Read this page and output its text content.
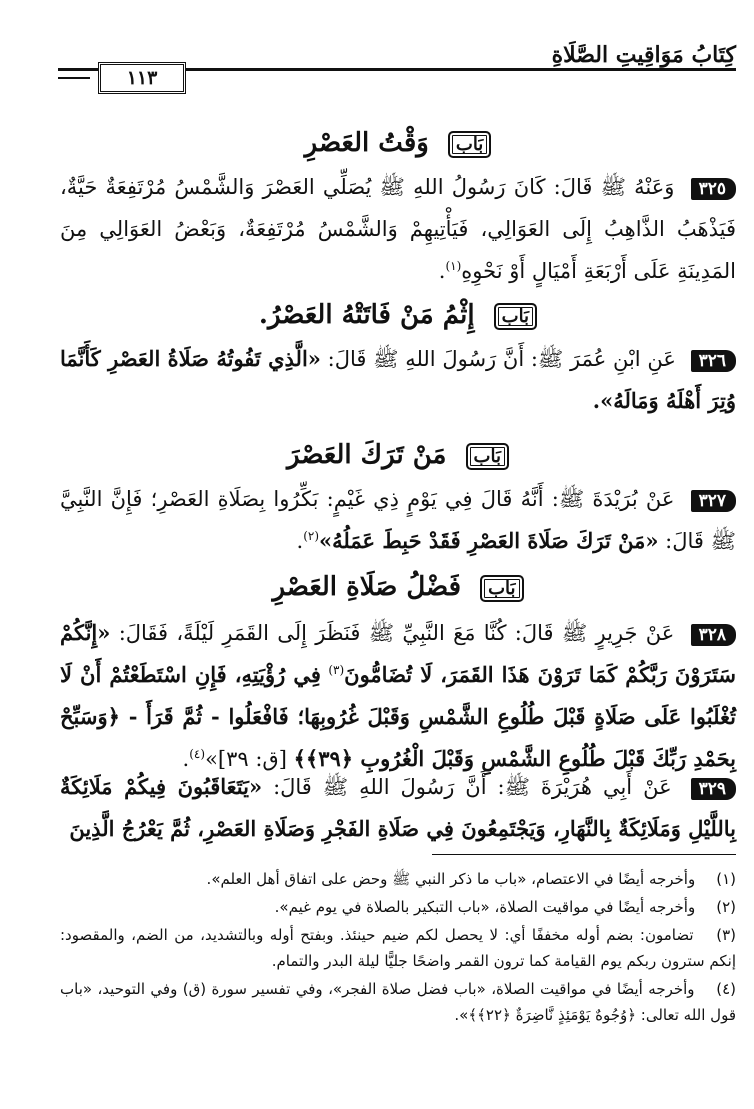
كِتَابُ مَوَاقِيتِ الصَّلَاةِ
١١٣
بَاب وَقْتُ العَصْرِ
٣٢٥ وَعَنْهُ ﷺ قَالَ: كَانَ رَسُولُ اللهِ ﷺ يُصَلِّي العَصْرَ وَالشَّمْسُ مُرْتَفِعَةٌ حَيَّةٌ، فَيَذْهَبُ الذَّاهِبُ إِلَى العَوَالِي، فَيَأْتِيهِمْ وَالشَّمْسُ مُرْتَفِعَةٌ، وَبَعْضُ العَوَالِي مِنَ المَدِينَةِ عَلَى أَرْبَعَةِ أَمْيَالٍ أَوْ نَحْوِهِ$^{(١)}$.
بَاب إِثْمُ مَنْ فَاتَتْهُ العَصْرُ.
٣٢٦ عَنِ ابْنِ عُمَرَ ﷺ: أَنَّ رَسُولَ اللهِ ﷺ قَالَ: «الَّذِي تَفُوتُهُ صَلَاةُ العَصْرِ كَأَنَّمَا وُتِرَ أَهْلَهُ وَمَالَهُ».
بَاب مَنْ تَرَكَ العَصْرَ
٣٢٧ عَنْ بُرَيْدَةَ ﷺ: أَنَّهُ قَالَ فِي يَوْمٍ ذِي غَيْمٍ: بَكِّرُوا بِصَلَاةِ العَصْرِ؛ فَإِنَّ النَّبِيَّ ﷺ قَالَ: «مَنْ تَرَكَ صَلَاةَ العَصْرِ فَقَدْ حَبِطَ عَمَلُهُ»$^{(٢)}$.
بَاب فَضْلُ صَلَاةِ العَصْرِ
٣٢٨ عَنْ جَرِيرٍ ﷺ قَالَ: كُنَّا مَعَ النَّبِيِّ ﷺ فَنَظَرَ إِلَى القَمَرِ لَيْلَةً، فَقَالَ: «إِنَّكُمْ سَتَرَوْنَ رَبَّكُمْ كَمَا تَرَوْنَ هَذَا القَمَرَ، لَا تُضَامُّونَ$^{(٣)}$ فِي رُؤْيَتِهِ، فَإِنِ اسْتَطَعْتُمْ أَنْ لَا تُغْلَبُوا عَلَى صَلَاةٍ قَبْلَ طُلُوعِ الشَّمْسِ وَقَبْلَ غُرُوبِهَا؛ فَافْعَلُوا - ثُمَّ قَرَأَ - ﴿وَسَبِّحْ بِحَمْدِ رَبِّكَ قَبْلَ طُلُوعِ الشَّمْسِ وَقَبْلَ الْغُرُوبِ ﴿٣٩﴾﴾ [ق: ٣٩]»$^{(٤)}$.
٣٢٩ عَنْ أَبِي هُرَيْرَةَ ﷺ: أَنَّ رَسُولَ اللهِ ﷺ قَالَ: «يَتَعَاقَبُونَ فِيكُمْ مَلَائِكَةٌ بِاللَّيْلِ وَمَلَائِكَةٌ بِالنَّهَارِ، وَيَجْتَمِعُونَ فِي صَلَاةِ الفَجْرِ وَصَلَاةِ العَصْرِ، ثُمَّ يَعْرُجُ الَّذِينَ
(١) وأخرجه أيضًا في الاعتصام، «باب ما ذكر النبي ﷺ وحض على اتفاق أهل العلم».
(٢) وأخرجه أيضًا في مواقيت الصلاة، «باب التبكير بالصلاة في يوم غيم».
(٣) تضامون: بضم أوله مخففًا أي: لا يحصل لكم ضيم حينئذ. وبفتح أوله وبالتشديد، من الضم، والمقصود: إنكم سترون ربكم يوم القيامة كما ترون القمر واضحًا جليًّا ليلة البدر والتمام.
(٤) وأخرجه أيضًا في مواقيت الصلاة، «باب فضل صلاة الفجر»، وفي تفسير سورة (ق) وفي التوحيد، «باب قول الله تعالى: ﴿وُجُوهٌ يَوْمَئِذٍ نَّاضِرَةٌ ﴿٢٢﴾﴾».
